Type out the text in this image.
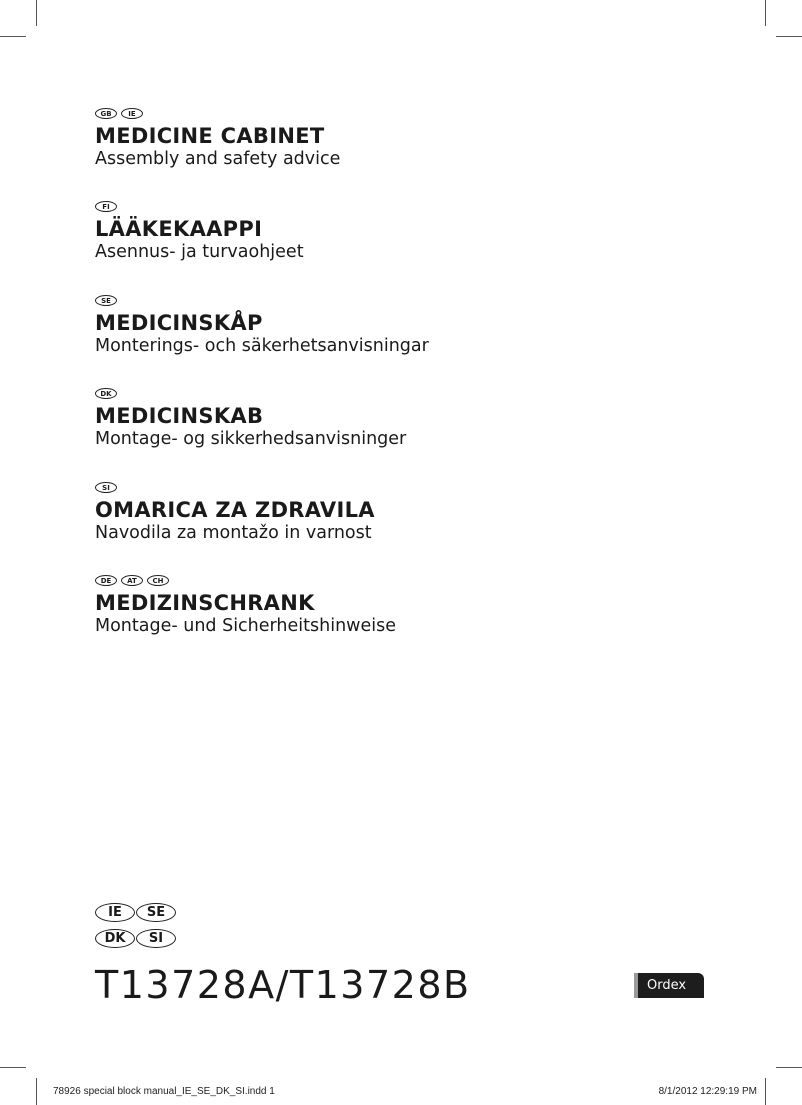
GB	IE
MEDICINE CABINET
Assembly and safety advice
FI
LÄÄKEKAAPPI
Asennus- ja turvaohjeet
SE
MEDICINSKÅP
Monterings- och säkerhetsanvisningar
DK
MEDICINSKAB
Montage- og sikkerhedsanvisninger
SI
OMARICA ZA ZDRAVILA
Navodila za montažo in varnost
DE	AT	CH
MEDIZINSCHRANK
Montage- und Sicherheitshinweise
IE	SE
DK	SI
T13728A/T13728B	Ordex
78926 special block manual_IE_SE_DK_SI.indd 1	8/1/2012 12:29:19 PM
